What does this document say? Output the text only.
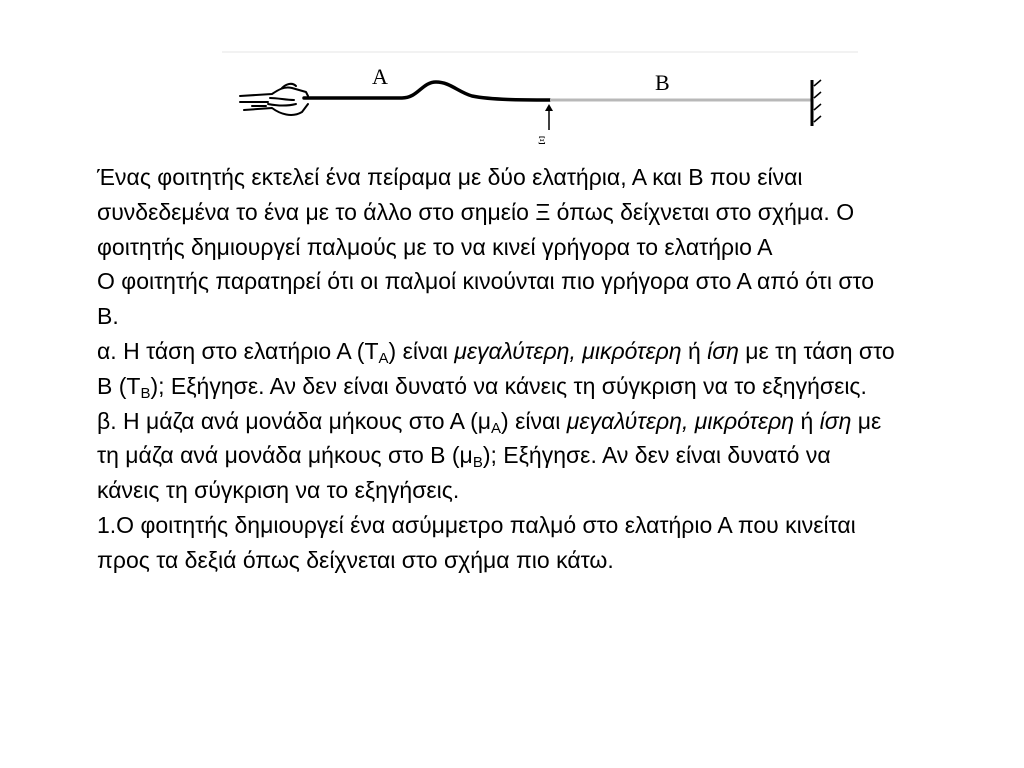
A	B
Ξ

Ένας φοιτητής εκτελεί ένα πείραμα με δύο ελατήρια, Α και Β που είναι συνδεδεμένα το ένα με το άλλο στο σημείο Ξ όπως δείχνεται στο σχήμα. Ο φοιτητής δημιουργεί παλμούς με το να κινεί γρήγορα το ελατήριο Α

Ο φοιτητής παρατηρεί ότι οι παλμοί κινούνται πιο γρήγορα στο Α από ότι στο Β.

α. Η τάση στο ελατήριο Α $(T_A)$ είναι μεγαλύτερη, μικρότερη ή ίση με τη τάση στο Β $(T_B)$; Εξήγησε. Αν δεν είναι δυνατό να κάνεις τη σύγκριση να το εξηγήσεις.

β. Η μάζα ανά μονάδα μήκους στο Α $(\mu_A)$ είναι μεγαλύτερη, μικρότερη ή ίση με τη μάζα ανά μονάδα μήκους στο Β $(\mu_B)$; Εξήγησε. Αν δεν είναι δυνατό να κάνεις τη σύγκριση να το εξηγήσεις.

1.Ο φοιτητής δημιουργεί ένα ασύμμετρο παλμό στο ελατήριο Α που κινείται προς τα δεξιά όπως δείχνεται στο σχήμα πιο κάτω.
